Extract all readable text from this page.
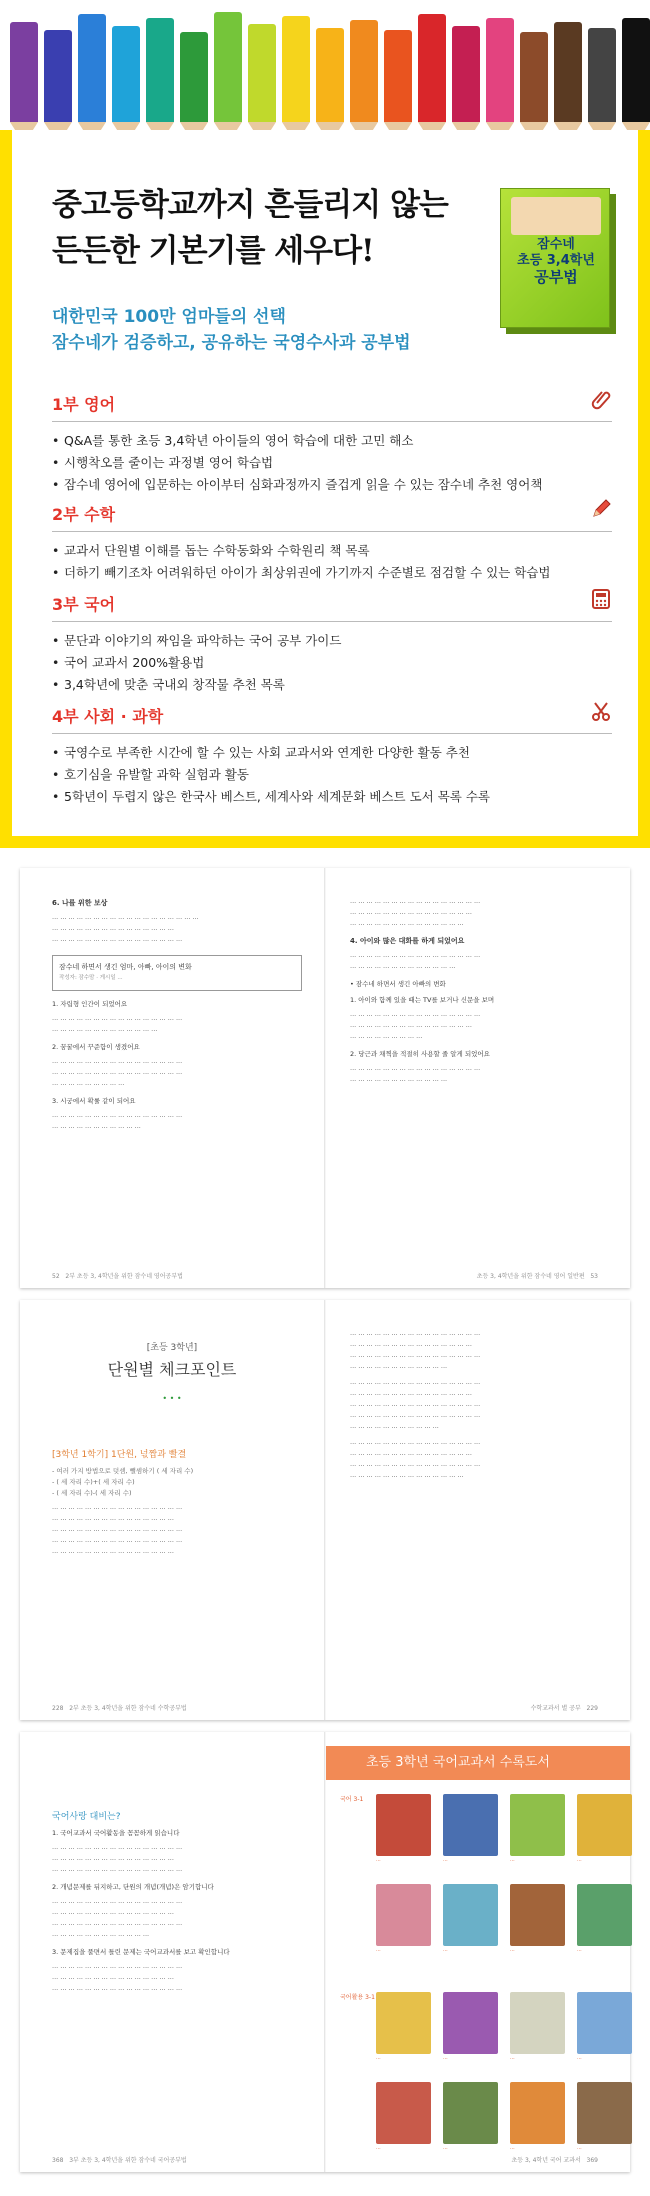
중고등학교까지 흔들리지 않는
든든한 기본기를 세우다!
대한민국 100만 엄마들의 선택
잠수네가 검증하고, 공유하는 국영수사과 공부법
잠수네
초등 3,4학년
공부법
1부 영어
• Q&A를 통한 초등 3,4학년 아이들의 영어 학습에 대한 고민 해소
• 시행착오를 줄이는 과정별 영어 학습법
• 잠수네 영어에 입문하는 아이부터 심화과정까지 즐겁게 읽을 수 있는 잠수네 추천 영어책
2부 수학
• 교과서 단원별 이해를 돕는 수학동화와 수학원리 책 목록
• 더하기 빼기조차 어려워하던 아이가 최상위권에 가기까지 수준별로 점검할 수 있는 학습법
3부 국어
• 문단과 이야기의 짜임을 파악하는 국어 공부 가이드
• 국어 교과서 200%활용법
• 3,4학년에 맞춘 국내외 창작물 추천 목록
4부 사회 · 과학
• 국영수로 부족한 시간에 할 수 있는 사회 교과서와 연계한 다양한 활동 추천
• 호기심을 유발할 과학 실험과 활동
• 5학년이 두렵지 않은 한국사 베스트, 세계사와 세계문화 베스트 도서 목록 수록

6. 나를 위한 보상

··· ··· ··· ··· ··· ··· ··· ··· ··· ··· ··· ··· ··· ··· ··· ··· ··· ···
··· ··· ··· ··· ··· ··· ··· ··· ··· ··· ··· ··· ··· ··· ···
··· ··· ··· ··· ··· ··· ··· ··· ··· ··· ··· ··· ··· ··· ··· ···

잠수네 하면서 생긴 엄마, 아빠, 아이의 변화
작성자: 잠수맘 · 게시일 ...

1. 자립형 인간이 되었어요

··· ··· ··· ··· ··· ··· ··· ··· ··· ··· ··· ··· ··· ··· ··· ···
··· ··· ··· ··· ··· ··· ··· ··· ··· ··· ··· ··· ···

2. 꿈꿀에서 꾸준함이 생겼어요

··· ··· ··· ··· ··· ··· ··· ··· ··· ··· ··· ··· ··· ··· ··· ···
··· ··· ··· ··· ··· ··· ··· ··· ··· ··· ··· ··· ··· ··· ··· ···
··· ··· ··· ··· ··· ··· ··· ··· ···

3. 시궁에서 확률 같이 되어요

··· ··· ··· ··· ··· ··· ··· ··· ··· ··· ··· ··· ··· ··· ··· ···
··· ··· ··· ··· ··· ··· ··· ··· ··· ··· ···

··· ··· ··· ··· ··· ··· ··· ··· ··· ··· ··· ··· ··· ··· ··· ···
··· ··· ··· ··· ··· ··· ··· ··· ··· ··· ··· ··· ··· ··· ···
··· ··· ··· ··· ··· ··· ··· ··· ··· ··· ··· ··· ··· ···

4. 아이와 많은 대화를 하게 되었어요

··· ··· ··· ··· ··· ··· ··· ··· ··· ··· ··· ··· ··· ··· ··· ···
··· ··· ··· ··· ··· ··· ··· ··· ··· ··· ··· ··· ···

• 잠수네 하면서 생긴 아빠의 변화

1. 아이와 함께 있을 때는 TV를 보거나 신문을 보며

··· ··· ··· ··· ··· ··· ··· ··· ··· ··· ··· ··· ··· ··· ··· ···
··· ··· ··· ··· ··· ··· ··· ··· ··· ··· ··· ··· ··· ··· ···
··· ··· ··· ··· ··· ··· ··· ··· ···

2. 당근과 채찍을 적절히 사용할 줄 알게 되었어요

··· ··· ··· ··· ··· ··· ··· ··· ··· ··· ··· ··· ··· ··· ··· ···
··· ··· ··· ··· ··· ··· ··· ··· ··· ··· ··· ···

52 2부 초등 3, 4학년을 위한 잠수네 영어공부법	초등 3, 4학년을 위한 잠수네 영어 일반편 53
[초등 3학년]
단원별 체크포인트
• • •

[3학년 1학기] 1단원, 넋짭과 빨결

- 여러 가지 방법으로 덧셈, 뺄셈하기 ( 세 자리 수)
- ( 세 자리 수)+( 세 자리 수)
- ( 세 자리 수)-( 세 자리 수)

··· ··· ··· ··· ··· ··· ··· ··· ··· ··· ··· ··· ··· ··· ··· ···
··· ··· ··· ··· ··· ··· ··· ··· ··· ··· ··· ··· ··· ··· ···
··· ··· ··· ··· ··· ··· ··· ··· ··· ··· ··· ··· ··· ··· ··· ···
··· ··· ··· ··· ··· ··· ··· ··· ··· ··· ··· ··· ··· ··· ··· ···
··· ··· ··· ··· ··· ··· ··· ··· ··· ··· ··· ··· ··· ··· ···

··· ··· ··· ··· ··· ··· ··· ··· ··· ··· ··· ··· ··· ··· ··· ···
··· ··· ··· ··· ··· ··· ··· ··· ··· ··· ··· ··· ··· ··· ···
··· ··· ··· ··· ··· ··· ··· ··· ··· ··· ··· ··· ··· ··· ··· ···
··· ··· ··· ··· ··· ··· ··· ··· ··· ··· ··· ···

··· ··· ··· ··· ··· ··· ··· ··· ··· ··· ··· ··· ··· ··· ··· ···
··· ··· ··· ··· ··· ··· ··· ··· ··· ··· ··· ··· ··· ··· ···
··· ··· ··· ··· ··· ··· ··· ··· ··· ··· ··· ··· ··· ··· ··· ···
··· ··· ··· ··· ··· ··· ··· ··· ··· ··· ··· ··· ··· ··· ··· ···
··· ··· ··· ··· ··· ··· ··· ··· ··· ··· ···

··· ··· ··· ··· ··· ··· ··· ··· ··· ··· ··· ··· ··· ··· ··· ···
··· ··· ··· ··· ··· ··· ··· ··· ··· ··· ··· ··· ··· ··· ···
··· ··· ··· ··· ··· ··· ··· ··· ··· ··· ··· ··· ··· ··· ··· ···
··· ··· ··· ··· ··· ··· ··· ··· ··· ··· ··· ··· ··· ···

228 2부 초등 3, 4학년을 위한 잠수네 수학공부법	수학교과서 별 공부 229
초등 3학년 국어교과서 수록도서

국어사랑 대비는?

1. 국어교과서 국어활동을 꼼꼼하게 읽습니다

··· ··· ··· ··· ··· ··· ··· ··· ··· ··· ··· ··· ··· ··· ··· ···
··· ··· ··· ··· ··· ··· ··· ··· ··· ··· ··· ··· ··· ··· ···
··· ··· ··· ··· ··· ··· ··· ··· ··· ··· ··· ··· ··· ··· ··· ···

2. 개념문제를 뒤지하고, 단원의 개념(개념)은 암기합니다

··· ··· ··· ··· ··· ··· ··· ··· ··· ··· ··· ··· ··· ··· ··· ···
··· ··· ··· ··· ··· ··· ··· ··· ··· ··· ··· ··· ··· ··· ···
··· ··· ··· ··· ··· ··· ··· ··· ··· ··· ··· ··· ··· ··· ··· ···
··· ··· ··· ··· ··· ··· ··· ··· ··· ··· ··· ···

3. 문제집을 풀면서 틀린 문제는 국어교과서를 보고 확인합니다

··· ··· ··· ··· ··· ··· ··· ··· ··· ··· ··· ··· ··· ··· ··· ···
··· ··· ··· ··· ··· ··· ··· ··· ··· ··· ··· ··· ··· ··· ···
··· ··· ··· ··· ··· ··· ··· ··· ··· ··· ··· ··· ··· ··· ··· ···

국어 3-1
···	···	···	···
···	···	···	···
국어활용 3-1
···	···	···	···
···	···	···	···
368 3부 초등 3, 4학년을 위한 잠수네 국어공부법	초등 3, 4학년 국어 교과서 369
